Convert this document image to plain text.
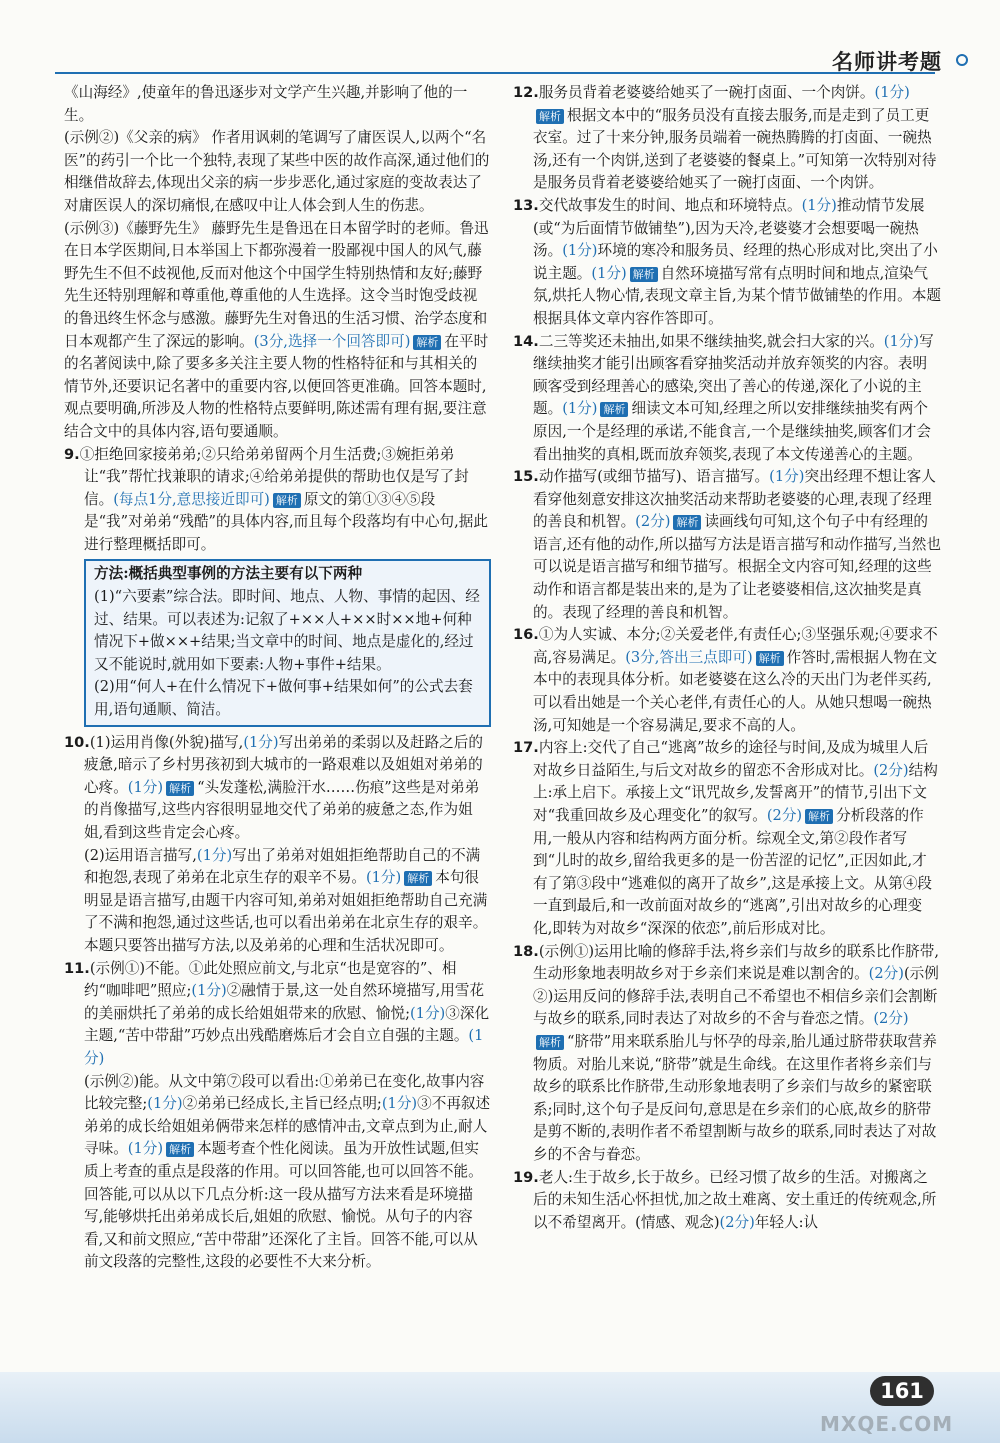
名师讲考题

《山海经》,使童年的鲁迅逐步对文学产生兴趣,并影响了他的一生。

(示例②)《父亲的病》 作者用讽刺的笔调写了庸医误人,以两个“名医”的药引一个比一个独特,表现了某些中医的故作高深,通过他们的相继借故辞去,体现出父亲的病一步步恶化,通过家庭的变故表达了对庸医误人的深切痛恨,在感叹中让人体会到人生的伤悲。

(示例③)《藤野先生》 藤野先生是鲁迅在日本留学时的老师。鲁迅在日本学医期间,日本举国上下都弥漫着一股鄙视中国人的风气,藤野先生不但不歧视他,反而对他这个中国学生特别热情和友好;藤野先生还特别理解和尊重他,尊重他的人生选择。这令当时饱受歧视的鲁迅终生怀念与感激。藤野先生对鲁迅的生活习惯、治学态度和日本观都产生了深远的影响。(3分,选择一个回答即可) 解析 在平时的名著阅读中,除了要多多关注主要人物的性格特征和与其相关的情节外,还要识记名著中的重要内容,以便回答更准确。回答本题时,观点要明确,所涉及人物的性格特点要鲜明,陈述需有理有据,要注意结合文中的具体内容,语句要通顺。

9.①拒绝回家接弟弟;②只给弟弟留两个月生活费;③婉拒弟弟让“我”帮忙找兼职的请求;④给弟弟提供的帮助也仅是写了封信。(每点1分,意思接近即可) 解析 原文的第①③④⑤段是“我”对弟弟“残酷”的具体内容,而且每个段落均有中心句,据此进行整理概括即可。

方法:概括典型事例的方法主要有以下两种
(1)“六要素”综合法。即时间、地点、人物、事情的起因、经过、结果。可以表述为:记叙了+××人+××时××地+何种情况下+做××+结果;当文章中的时间、地点是虚化的,经过又不能说时,就用如下要素:人物+事件+结果。
(2)用“何人+在什么情况下+做何事+结果如何”的公式去套用,语句通顺、简洁。

10.(1)运用肖像(外貌)描写,(1分)写出弟弟的柔弱以及赶路之后的疲惫,暗示了乡村男孩初到大城市的一路艰难以及姐姐对弟弟的心疼。(1分) 解析 “头发蓬松,满脸汗水……伤痕”这些是对弟弟的肖像描写,这些内容很明显地交代了弟弟的疲惫之态,作为姐姐,看到这些肯定会心疼。

(2)运用语言描写,(1分)写出了弟弟对姐姐拒绝帮助自己的不满和抱怨,表现了弟弟在北京生存的艰辛不易。(1分) 解析 本句很明显是语言描写,由题干内容可知,弟弟对姐姐拒绝帮助自己充满了不满和抱怨,通过这些话,也可以看出弟弟在北京生存的艰辛。本题只要答出描写方法,以及弟弟的心理和生活状况即可。

11.(示例①)不能。①此处照应前文,与北京“也是宽容的”、相约“咖啡吧”照应;(1分)②融情于景,这一处自然环境描写,用雪花的美丽烘托了弟弟的成长给姐姐带来的欣慰、愉悦;(1分)③深化主题,“苦中带甜”巧妙点出残酷磨炼后才会自立自强的主题。(1分)

(示例②)能。从文中第⑦段可以看出:①弟弟已在变化,故事内容比较完整;(1分)②弟弟已经成长,主旨已经点明;(1分)③不再叙述弟弟的成长给姐姐弟俩带来怎样的感情冲击,文章点到为止,耐人寻味。(1分) 解析 本题考查个性化阅读。虽为开放性试题,但实质上考查的重点是段落的作用。可以回答能,也可以回答不能。回答能,可以从以下几点分析:这一段从描写方法来看是环境描写,能够烘托出弟弟成长后,姐姐的欣慰、愉悦。从句子的内容看,又和前文照应,“苦中带甜”还深化了主旨。回答不能,可以从前文段落的完整性,这段的必要性不大来分析。

12.服务员背着老婆婆给她买了一碗打卤面、一个肉饼。(1分)解析 根据文本中的“服务员没有直接去服务,而是走到了员工更衣室。过了十来分钟,服务员端着一碗热腾腾的打卤面、一碗热汤,还有一个肉饼,送到了老婆婆的餐桌上。”可知第一次特别对待是服务员背着老婆婆给她买了一碗打卤面、一个肉饼。

13.交代故事发生的时间、地点和环境特点。(1分)推动情节发展(或“为后面情节做铺垫”),因为天冷,老婆婆才会想要喝一碗热汤。(1分)环境的寒冷和服务员、经理的热心形成对比,突出了小说主题。(1分) 解析 自然环境描写常有点明时间和地点,渲染气氛,烘托人物心情,表现文章主旨,为某个情节做铺垫的作用。本题根据具体文章内容作答即可。

14.二三等奖还未抽出,如果不继续抽奖,就会扫大家的兴。(1分)写继续抽奖才能引出顾客看穿抽奖活动并放弃领奖的内容。表明顾客受到经理善心的感染,突出了善心的传递,深化了小说的主题。(1分) 解析 细读文本可知,经理之所以安排继续抽奖有两个原因,一个是经理的承诺,不能食言,一个是继续抽奖,顾客们才会看出抽奖的真相,既而放弃领奖,表现了本文传递善心的主题。

15.动作描写(或细节描写)、语言描写。(1分)突出经理不想让客人看穿他刻意安排这次抽奖活动来帮助老婆婆的心理,表现了经理的善良和机智。(2分) 解析 读画线句可知,这个句子中有经理的语言,还有他的动作,所以描写方法是语言描写和动作描写,当然也可以说是语言描写和细节描写。根据全文内容可知,经理的这些动作和语言都是装出来的,是为了让老婆婆相信,这次抽奖是真的。表现了经理的善良和机智。

16.①为人实诚、本分;②关爱老伴,有责任心;③坚强乐观;④要求不高,容易满足。(3分,答出三点即可) 解析 作答时,需根据人物在文本中的表现具体分析。如老婆婆在这么冷的天出门为老伴买药,可以看出她是一个关心老伴,有责任心的人。从她只想喝一碗热汤,可知她是一个容易满足,要求不高的人。

17.内容上:交代了自己“逃离”故乡的途径与时间,及成为城里人后对故乡日益陌生,与后文对故乡的留恋不舍形成对比。(2分)结构上:承上启下。承接上文“讯咒故乡,发誓离开”的情节,引出下文对“我重回故乡及心理变化”的叙写。(2分) 解析 分析段落的作用,一般从内容和结构两方面分析。综观全文,第②段作者写到“儿时的故乡,留给我更多的是一份苦涩的记忆”,正因如此,才有了第③段中“逃难似的离开了故乡”,这是承接上文。从第④段一直到最后,和一改前面对故乡的“逃离”,引出对故乡的心理变化,即转为对故乡“深深的依恋”,前后形成对比。

18.(示例①)运用比喻的修辞手法,将乡亲们与故乡的联系比作脐带,生动形象地表明故乡对于乡亲们来说是难以割舍的。(2分)(示例②)运用反问的修辞手法,表明自己不希望也不相信乡亲们会割断与故乡的联系,同时表达了对故乡的不舍与眷恋之情。(2分)解析 “脐带”用来联系胎儿与怀孕的母亲,胎儿通过脐带获取营养物质。对胎儿来说,“脐带”就是生命线。在这里作者将乡亲们与故乡的联系比作脐带,生动形象地表明了乡亲们与故乡的紧密联系;同时,这个句子是反问句,意思是在乡亲们的心底,故乡的脐带是剪不断的,表明作者不希望割断与故乡的联系,同时表达了对故乡的不舍与眷恋。

19.老人:生于故乡,长于故乡。已经习惯了故乡的生活。对搬离之后的未知生活心怀担忧,加之故土难离、安土重迁的传统观念,所以不希望离开。(情感、观念)(2分)年轻人:认

161
MXQE.COM
